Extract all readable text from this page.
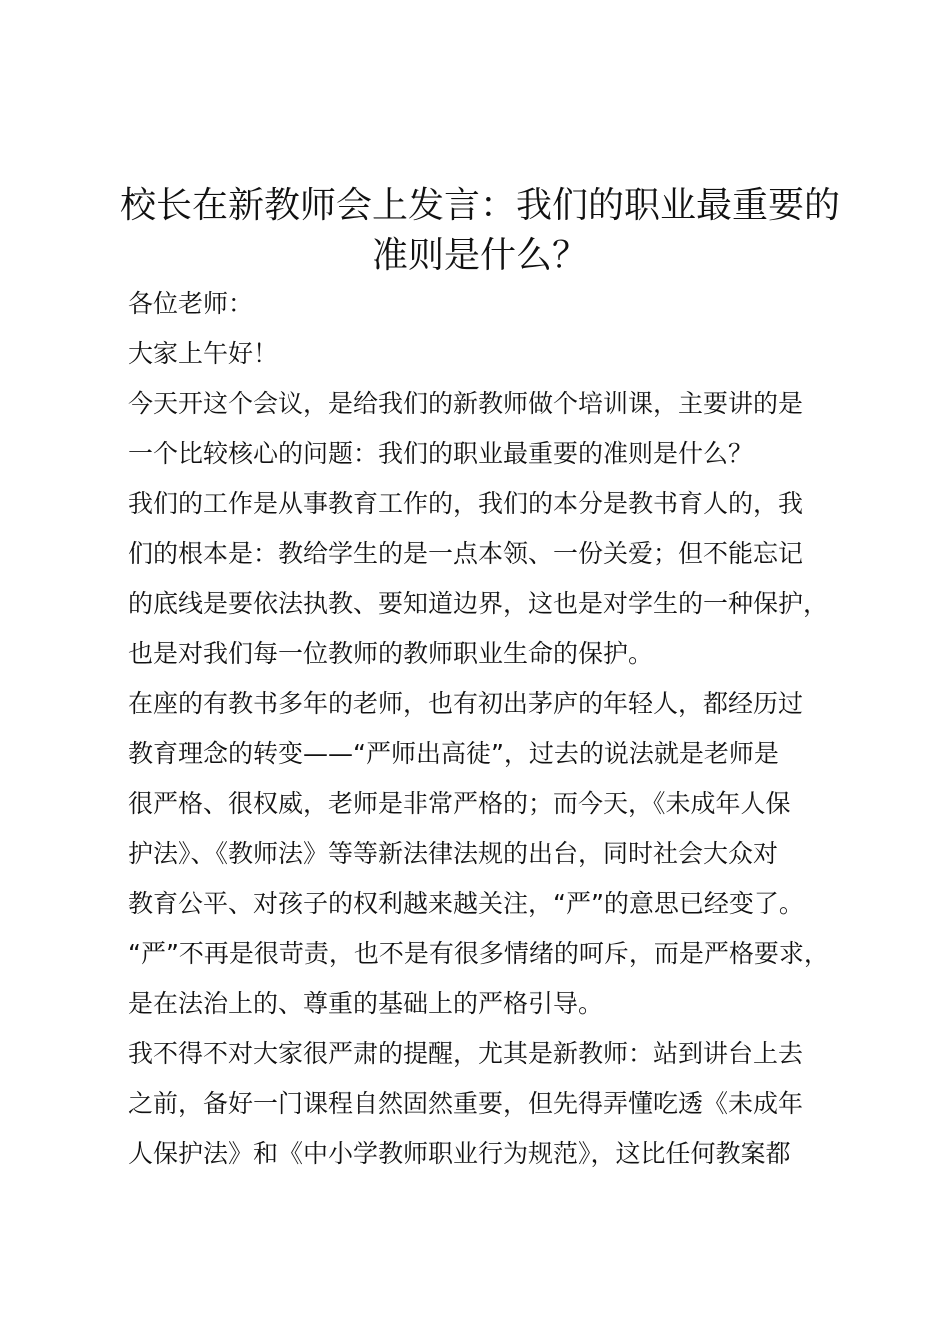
校长在新教师会上发言：我们的职业最重要的
准则是什么？
各位老师：
大家上午好！
今天开这个会议，是给我们的新教师做个培训课，主要讲的是
一个比较核心的问题：我们的职业最重要的准则是什么？
我们的工作是从事教育工作的，我们的本分是教书育人的，我
们的根本是：教给学生的是一点本领、一份关爱；但不能忘记
的底线是要依法执教、要知道边界，这也是对学生的一种保护，
也是对我们每一位教师的教师职业生命的保护。
在座的有教书多年的老师，也有初出茅庐的年轻人，都经历过
教育理念的转变——“严师出高徒”，过去的说法就是老师是
很严格、很权威，老师是非常严格的；而今天，《未成年人保
护法》、《教师法》等等新法律法规的出台，同时社会大众对
教育公平、对孩子的权利越来越关注，“严”的意思已经变了。
“严”不再是很苛责，也不是有很多情绪的呵斥，而是严格要求，
是在法治上的、尊重的基础上的严格引导。
我不得不对大家很严肃的提醒，尤其是新教师：站到讲台上去
之前，备好一门课程自然固然重要，但先得弄懂吃透《未成年
人保护法》和《中小学教师职业行为规范》，这比任何教案都
